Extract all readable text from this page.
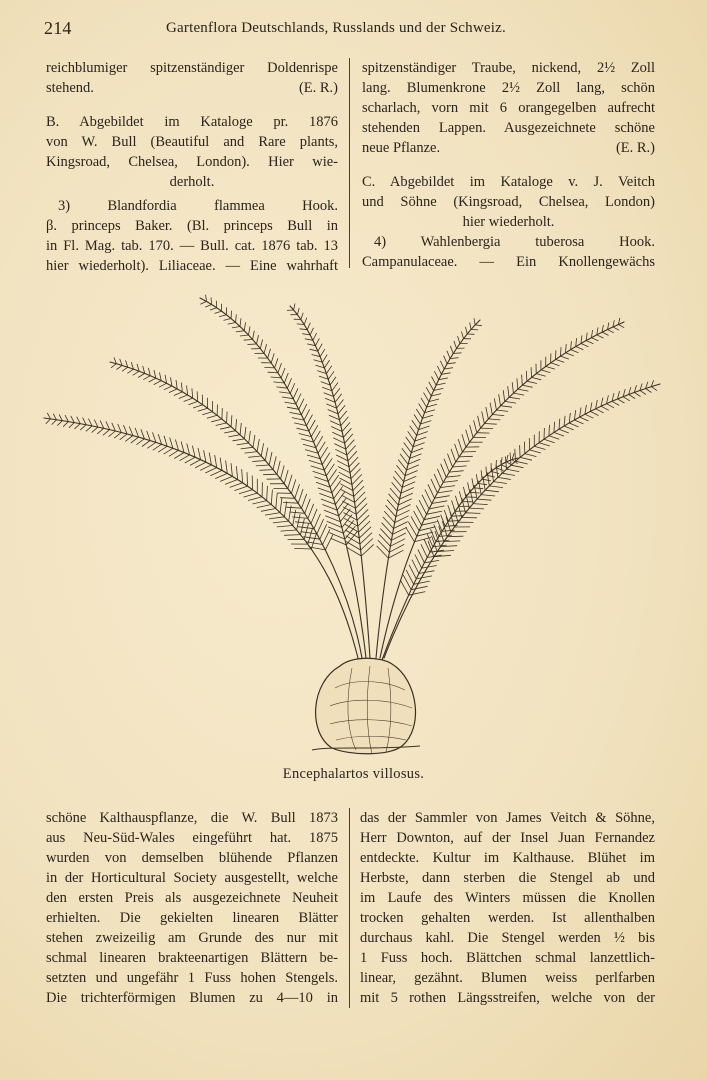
214	Gartenflora Deutschlands, Russlands und der Schweiz.
reichblumiger spitzenständiger Doldenrispe
stehend.	(E. R.)
B. Abgebildet im Kataloge pr. 1876
von W. Bull (Beautiful and Rare plants,
Kingsroad, Chelsea, London). Hier wie-
derholt.
3) Blandfordia flammea Hook.
β. princeps Baker. (Bl. princeps Bull in
in Fl. Mag. tab. 170. — Bull. cat. 1876 tab. 13
hier wiederholt). Liliaceae. — Eine wahrhaft
spitzenständiger Traube, nickend, 2½ Zoll
lang. Blumenkrone 2½ Zoll lang, schön
scharlach, vorn mit 6 orangegelben aufrecht
stehenden Lappen. Ausgezeichnete schöne
neue Pflanze.	(E. R.)
C. Abgebildet im Kataloge v. J. Veitch
und Söhne (Kingsroad, Chelsea, London)
hier wiederholt.
4) Wahlenbergia tuberosa Hook.
Campanulaceae. — Ein Knollengewächs
Encephalartos villosus.
schöne Kalthauspflanze, die W. Bull 1873
aus Neu-Süd-Wales eingeführt hat. 1875
wurden von demselben blühende Pflanzen
in der Horticultural Society ausgestellt, welche
den ersten Preis als ausgezeichnete Neuheit
erhielten. Die gekielten linearen Blätter
stehen zweizeilig am Grunde des nur mit
schmal linearen brakteenartigen Blättern be-
setzten und ungefähr 1 Fuss hohen Stengels.
Die trichterförmigen Blumen zu 4—10 in
das der Sammler von James Veitch & Söhne,
Herr Downton, auf der Insel Juan Fernandez
entdeckte. Kultur im Kalthause. Blühet im
Herbste, dann sterben die Stengel ab und
im Laufe des Winters müssen die Knollen
trocken gehalten werden. Ist allenthalben
durchaus kahl. Die Stengel werden ½ bis
1 Fuss hoch. Blättchen schmal lanzettlich-
linear, gezähnt. Blumen weiss perlfarben
mit 5 rothen Längsstreifen, welche von der
